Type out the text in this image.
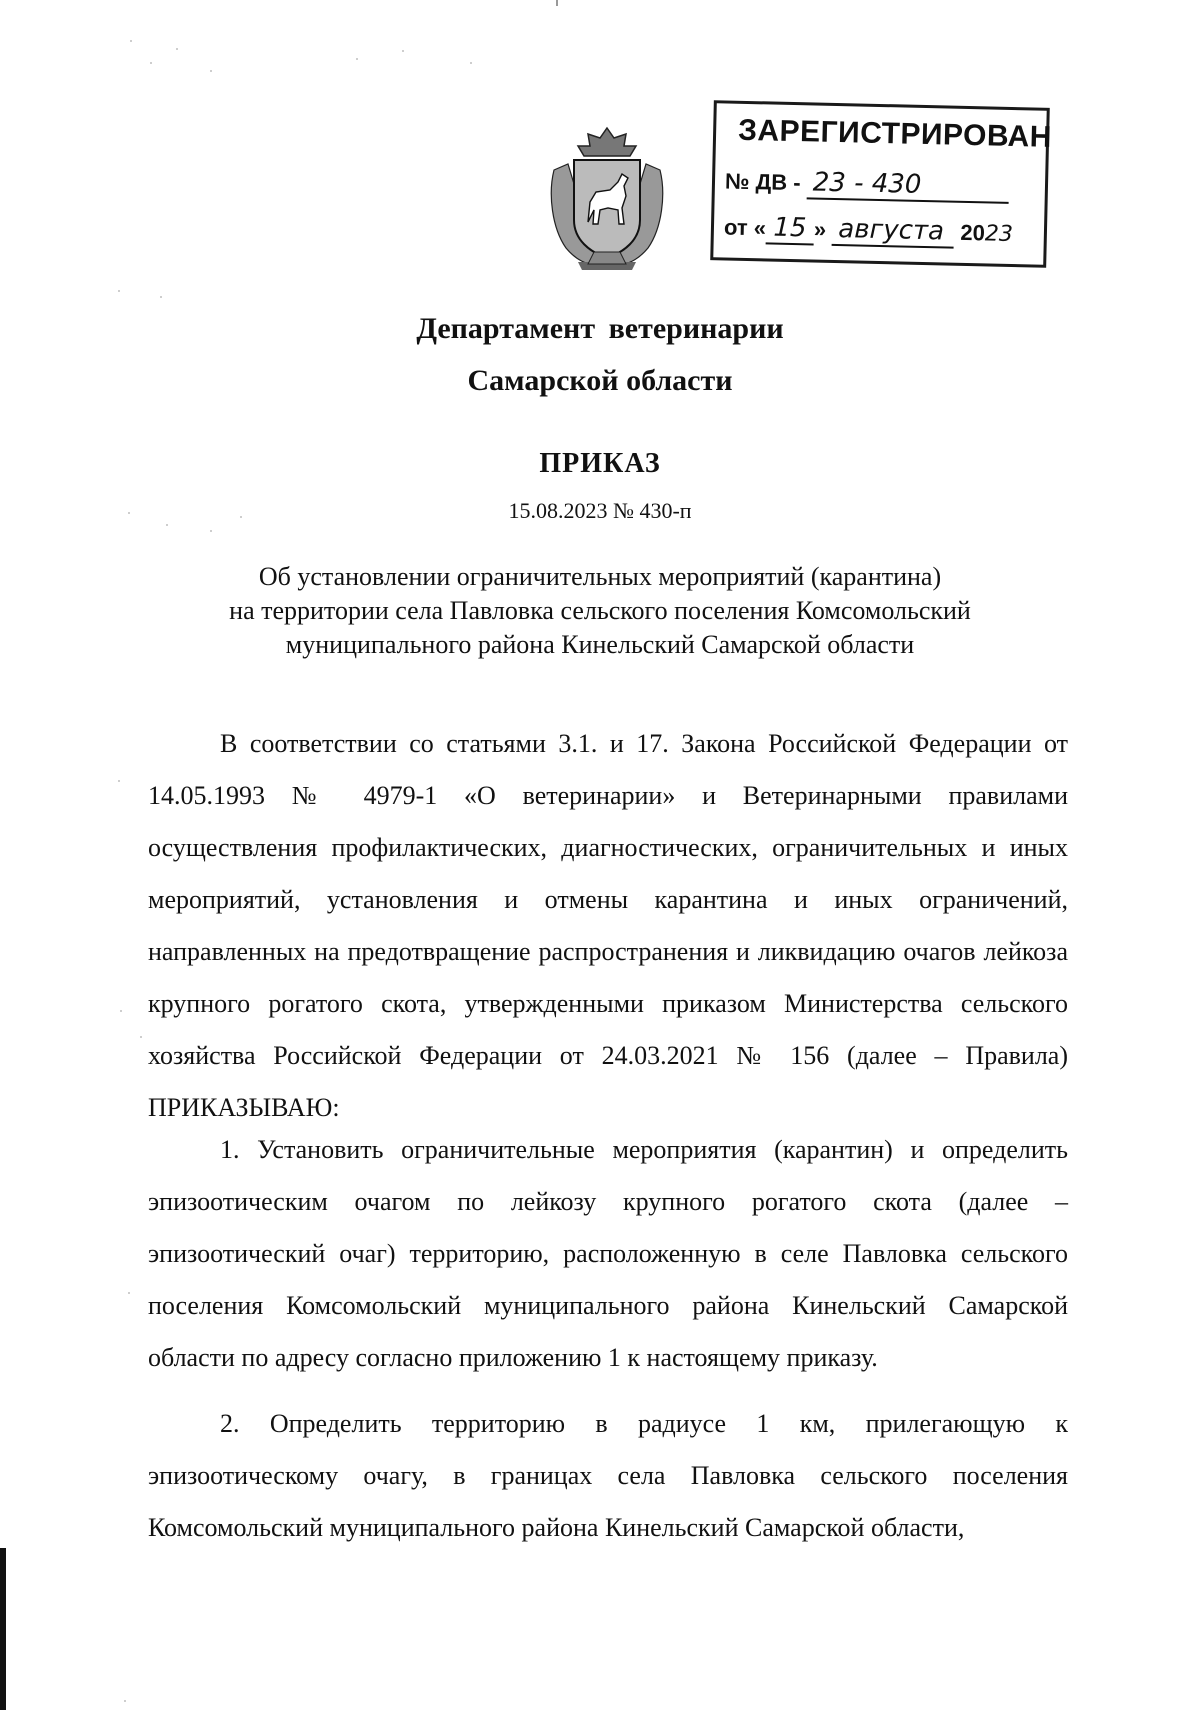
ЗАРЕГИСТРИРОВАН
№ ДВ - 23 - 430
от « 15 » августа 2023
Департамент ветеринарии
Самарской области
ПРИКАЗ
15.08.2023 № 430-п
Об установлении ограничительных мероприятий (карантина)
на территории села Павловка сельского поселения Комсомольский
муниципального района Кинельский Самарской области

В соответствии со статьями 3.1. и 17. Закона Российской Федерации от 14.05.1993 № 4979-1 «О ветеринарии» и Ветеринарными правилами осуществления профилактических, диагностических, ограничительных и иных мероприятий, установления и отмены карантина и иных ограничений, направленных на предотвращение распространения и ликвидацию очагов лейкоза крупного рогатого скота, утвержденными приказом Министерства сельского хозяйства Российской Федерации от 24.03.2021 № 156 (далее – Правила) ПРИКАЗЫВАЮ:

1. Установить ограничительные мероприятия (карантин) и определить эпизоотическим очагом по лейкозу крупного рогатого скота (далее – эпизоотический очаг) территорию, расположенную в селе Павловка сельского поселения Комсомольский муниципального района Кинельский Самарской области по адресу согласно приложению 1 к настоящему приказу.

2. Определить территорию в радиусе 1 км, прилегающую к эпизоотическому очагу, в границах села Павловка сельского поселения Комсомольский муниципального района Кинельский Самарской области,
